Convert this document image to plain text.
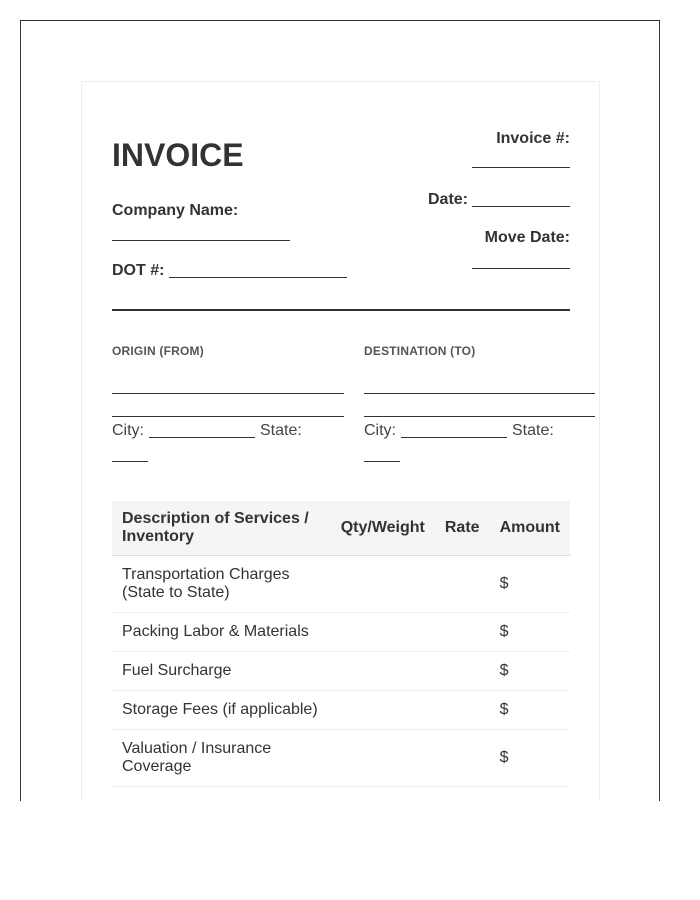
INVOICE	Invoice #:
Date:
Move Date:
Company Name:
DOT #:
ORIGIN (FROM)
City:	State:
DESTINATION (TO)
City:	State:
Description of Services / Inventory	Qty/Weight	Rate	Amount
Transportation Charges (State to State)			$
Packing Labor & Materials			$
Fuel Surcharge			$
Storage Fees (if applicable)			$
Valuation / Insurance Coverage			$
